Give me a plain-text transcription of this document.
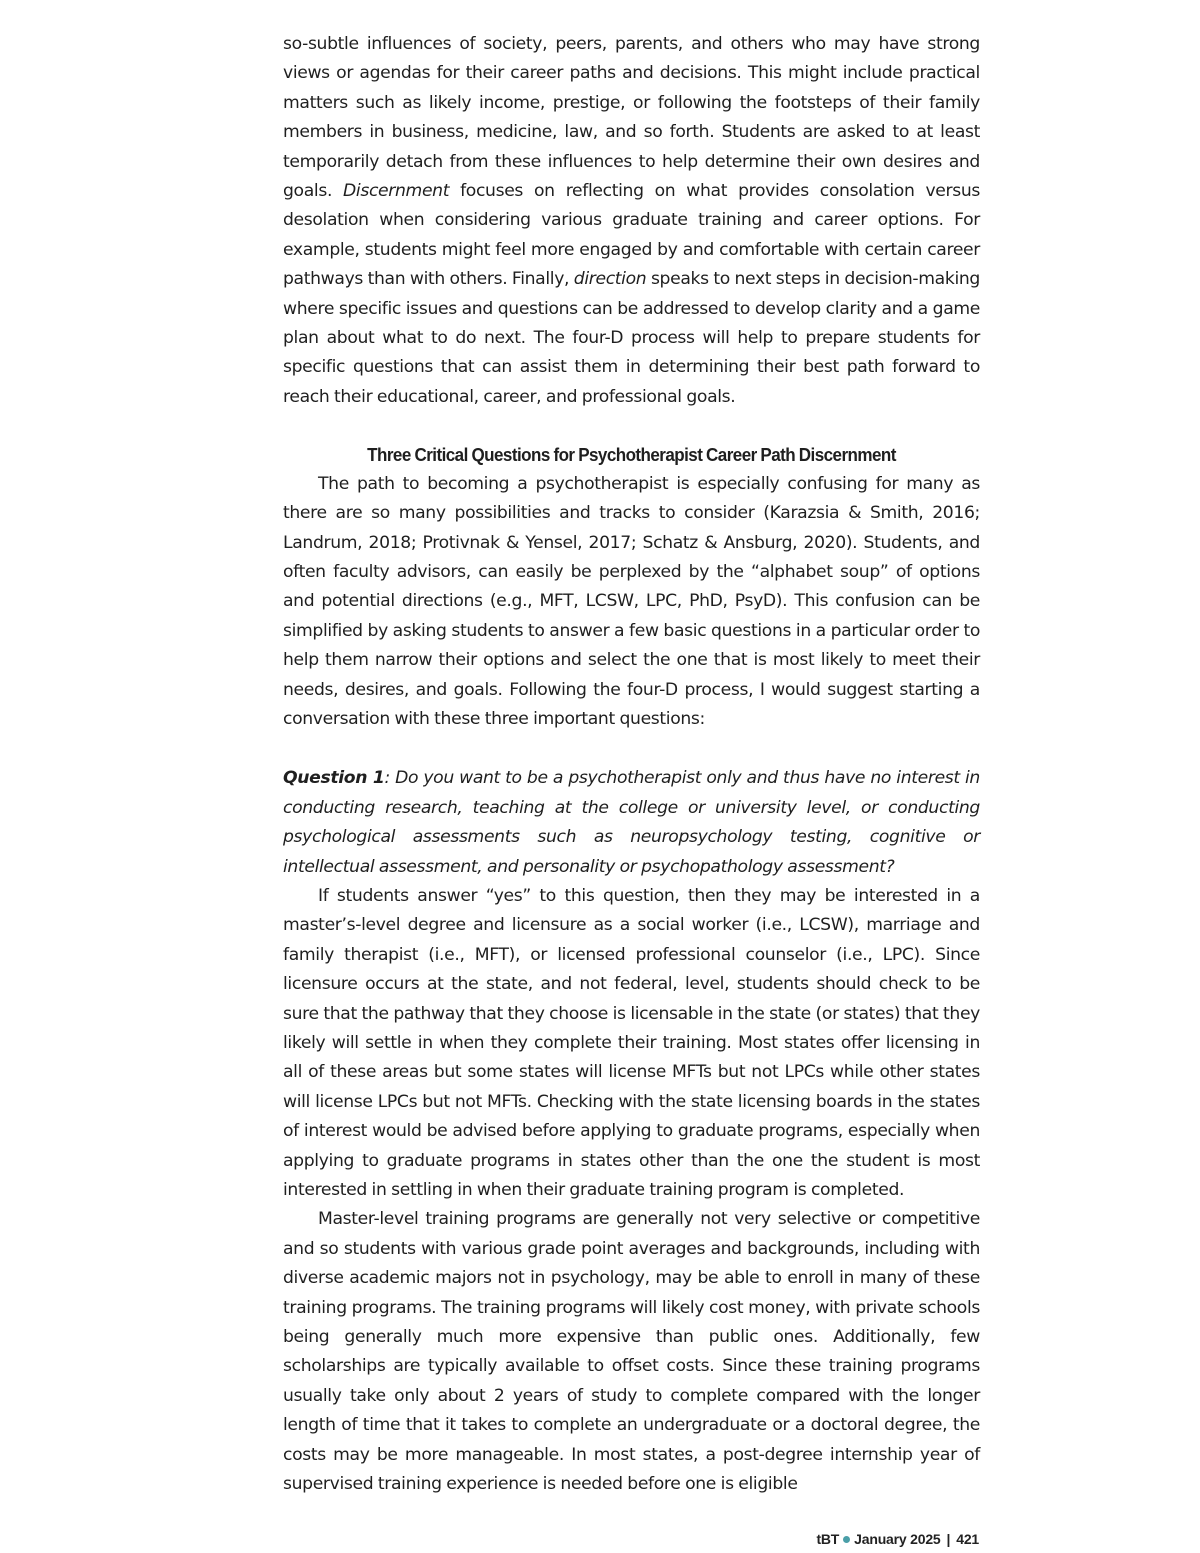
so-subtle influences of society, peers, parents, and others who may have strong views or agendas for their career paths and decisions. This might include practical matters such as likely income, prestige, or following the footsteps of their family members in business, medicine, law, and so forth. Students are asked to at least temporarily detach from these influences to help determine their own desires and goals. Discernment focuses on reflecting on what provides consolation versus desolation when considering various graduate training and career options. For example, students might feel more engaged by and comfortable with certain career pathways than with others. Finally, direction speaks to next steps in decision-making where specific issues and questions can be addressed to develop clarity and a game plan about what to do next. The four-D process will help to prepare students for specific questions that can assist them in determining their best path forward to reach their educational, career, and professional goals.

Three Critical Questions for Psychotherapist Career Path Discernment

The path to becoming a psychotherapist is especially confusing for many as there are so many possibilities and tracks to consider (Karazsia & Smith, 2016; Landrum, 2018; Protivnak & Yensel, 2017; Schatz & Ansburg, 2020). Students, and often faculty advisors, can easily be perplexed by the “alphabet soup” of options and potential directions (e.g., MFT, LCSW, LPC, PhD, PsyD). This confusion can be simplified by asking students to answer a few basic questions in a particular order to help them narrow their options and select the one that is most likely to meet their needs, desires, and goals. Following the four-D process, I would suggest starting a conversation with these three important questions:

Question 1: Do you want to be a psychotherapist only and thus have no interest in conducting research, teaching at the college or university level, or conducting psychological assessments such as neuropsychology testing, cognitive or intellectual assessment, and personality or psychopathology assessment?

If students answer “yes” to this question, then they may be interested in a master’s-level degree and licensure as a social worker (i.e., LCSW), marriage and family therapist (i.e., MFT), or licensed professional counselor (i.e., LPC). Since licensure occurs at the state, and not federal, level, students should check to be sure that the pathway that they choose is licensable in the state (or states) that they likely will settle in when they complete their training. Most states offer licensing in all of these areas but some states will license MFTs but not LPCs while other states will license LPCs but not MFTs. Checking with the state licensing boards in the states of interest would be advised before applying to graduate programs, especially when applying to graduate programs in states other than the one the student is most interested in settling in when their graduate training program is completed.

Master-level training programs are generally not very selective or competitive and so students with various grade point averages and backgrounds, including with diverse academic majors not in psychology, may be able to enroll in many of these training programs. The training programs will likely cost money, with private schools being generally much more expensive than public ones. Additionally, few scholarships are typically available to offset costs. Since these training programs usually take only about 2 years of study to complete compared with the longer length of time that it takes to complete an undergraduate or a doctoral degree, the costs may be more manageable. In most states, a post-degree internship year of supervised training experience is needed before one is eligible

tBT January 2025 | 421
